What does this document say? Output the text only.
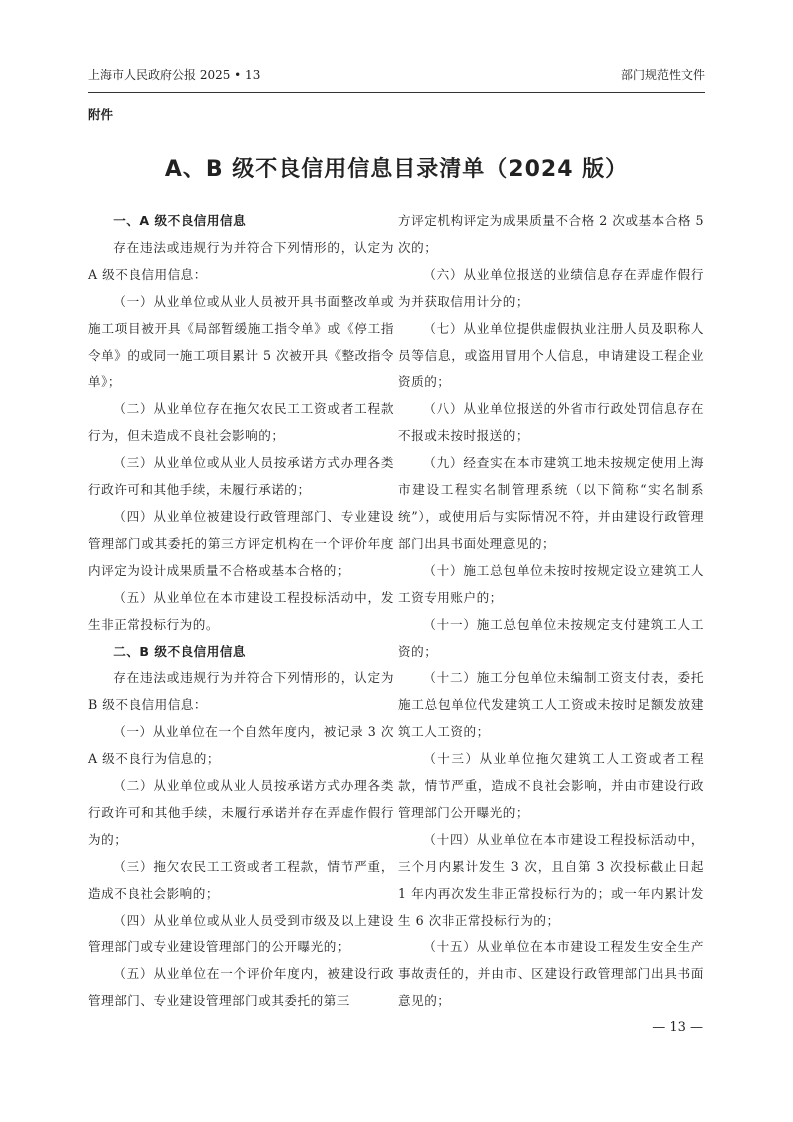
上海市人民政府公报 2025 • 13	部门规范性文件
附件
A、B 级不良信用信息目录清单（2024 版）

一、A 级不良信用信息

存在违法或违规行为并符合下列情形的，认定为 A 级不良信用信息：

（一）从业单位或从业人员被开具书面整改单或施工项目被开具《局部暂缓施工指令单》或《停工指令单》的或同一施工项目累计 5 次被开具《整改指令单》；

（二）从业单位存在拖欠农民工工资或者工程款行为，但未造成不良社会影响的；

（三）从业单位或从业人员按承诺方式办理各类行政许可和其他手续，未履行承诺的；

（四）从业单位被建设行政管理部门、专业建设管理部门或其委托的第三方评定机构在一个评价年度内评定为设计成果质量不合格或基本合格的；

（五）从业单位在本市建设工程投标活动中，发生非正常投标行为的。

二、B 级不良信用信息

存在违法或违规行为并符合下列情形的，认定为 B 级不良信用信息：

（一）从业单位在一个自然年度内，被记录 3 次 A 级不良行为信息的；

（二）从业单位或从业人员按承诺方式办理各类行政许可和其他手续，未履行承诺并存在弄虚作假行为的；

（三）拖欠农民工工资或者工程款，情节严重，造成不良社会影响的；

（四）从业单位或从业人员受到市级及以上建设管理部门或专业建设管理部门的公开曝光的；

（五）从业单位在一个评价年度内，被建设行政管理部门、专业建设管理部门或其委托的第三

方评定机构评定为成果质量不合格 2 次或基本合格 5 次的；

（六）从业单位报送的业绩信息存在弄虚作假行为并获取信用计分的；

（七）从业单位提供虚假执业注册人员及职称人员等信息，或盗用冒用个人信息，申请建设工程企业资质的；

（八）从业单位报送的外省市行政处罚信息存在不报或未按时报送的；

（九）经查实在本市建筑工地未按规定使用上海市建设工程实名制管理系统（以下简称“实名制系统”），或使用后与实际情况不符，并由建设行政管理部门出具书面处理意见的；

（十）施工总包单位未按时按规定设立建筑工人工资专用账户的；

（十一）施工总包单位未按规定支付建筑工人工资的；

（十二）施工分包单位未编制工资支付表，委托施工总包单位代发建筑工人工资或未按时足额发放建筑工人工资的；

（十三）从业单位拖欠建筑工人工资或者工程款，情节严重，造成不良社会影响，并由市建设行政管理部门公开曝光的；

（十四）从业单位在本市建设工程投标活动中，三个月内累计发生 3 次，且自第 3 次投标截止日起 1 年内再次发生非正常投标行为的；或一年内累计发生 6 次非正常投标行为的；

（十五）从业单位在本市建设工程发生安全生产事故责任的，并由市、区建设行政管理部门出具书面意见的；

— 13 —
